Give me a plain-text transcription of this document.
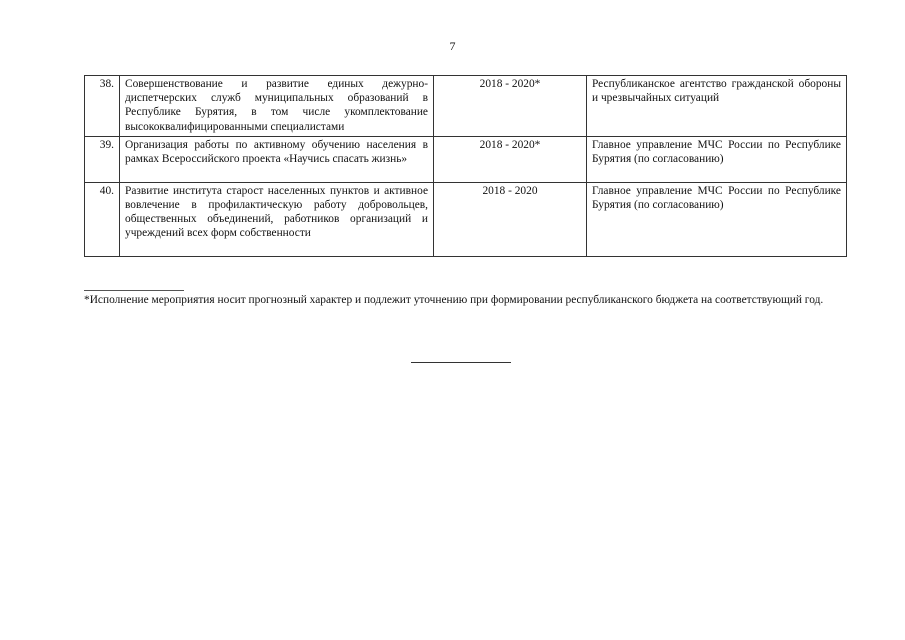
7
38.	Совершенствование и развитие единых дежурно-диспетчерских служб муниципальных образований в Республике Бурятия, в том числе укомплектование высококвалифицированными специалистами	2018 - 2020*	Республиканское агентство гражданской обороны и чрезвычайных ситуаций
39.	Организация работы по активному обучению населения в рамках Всероссийского проекта «Научись спасать жизнь»	2018 - 2020*	Главное управление МЧС России по Республике Бурятия (по согласованию)
40.	Развитие института старост населенных пунктов и активное вовлечение в профилактическую работу добровольцев, общественных объединений, работников организаций и учреждений всех форм собственности	2018 - 2020	Главное управление МЧС России по Республике Бурятия (по согласованию)
*Исполнение мероприятия носит прогнозный характер и подлежит уточнению при формировании республиканского бюджета на соответствующий год.
